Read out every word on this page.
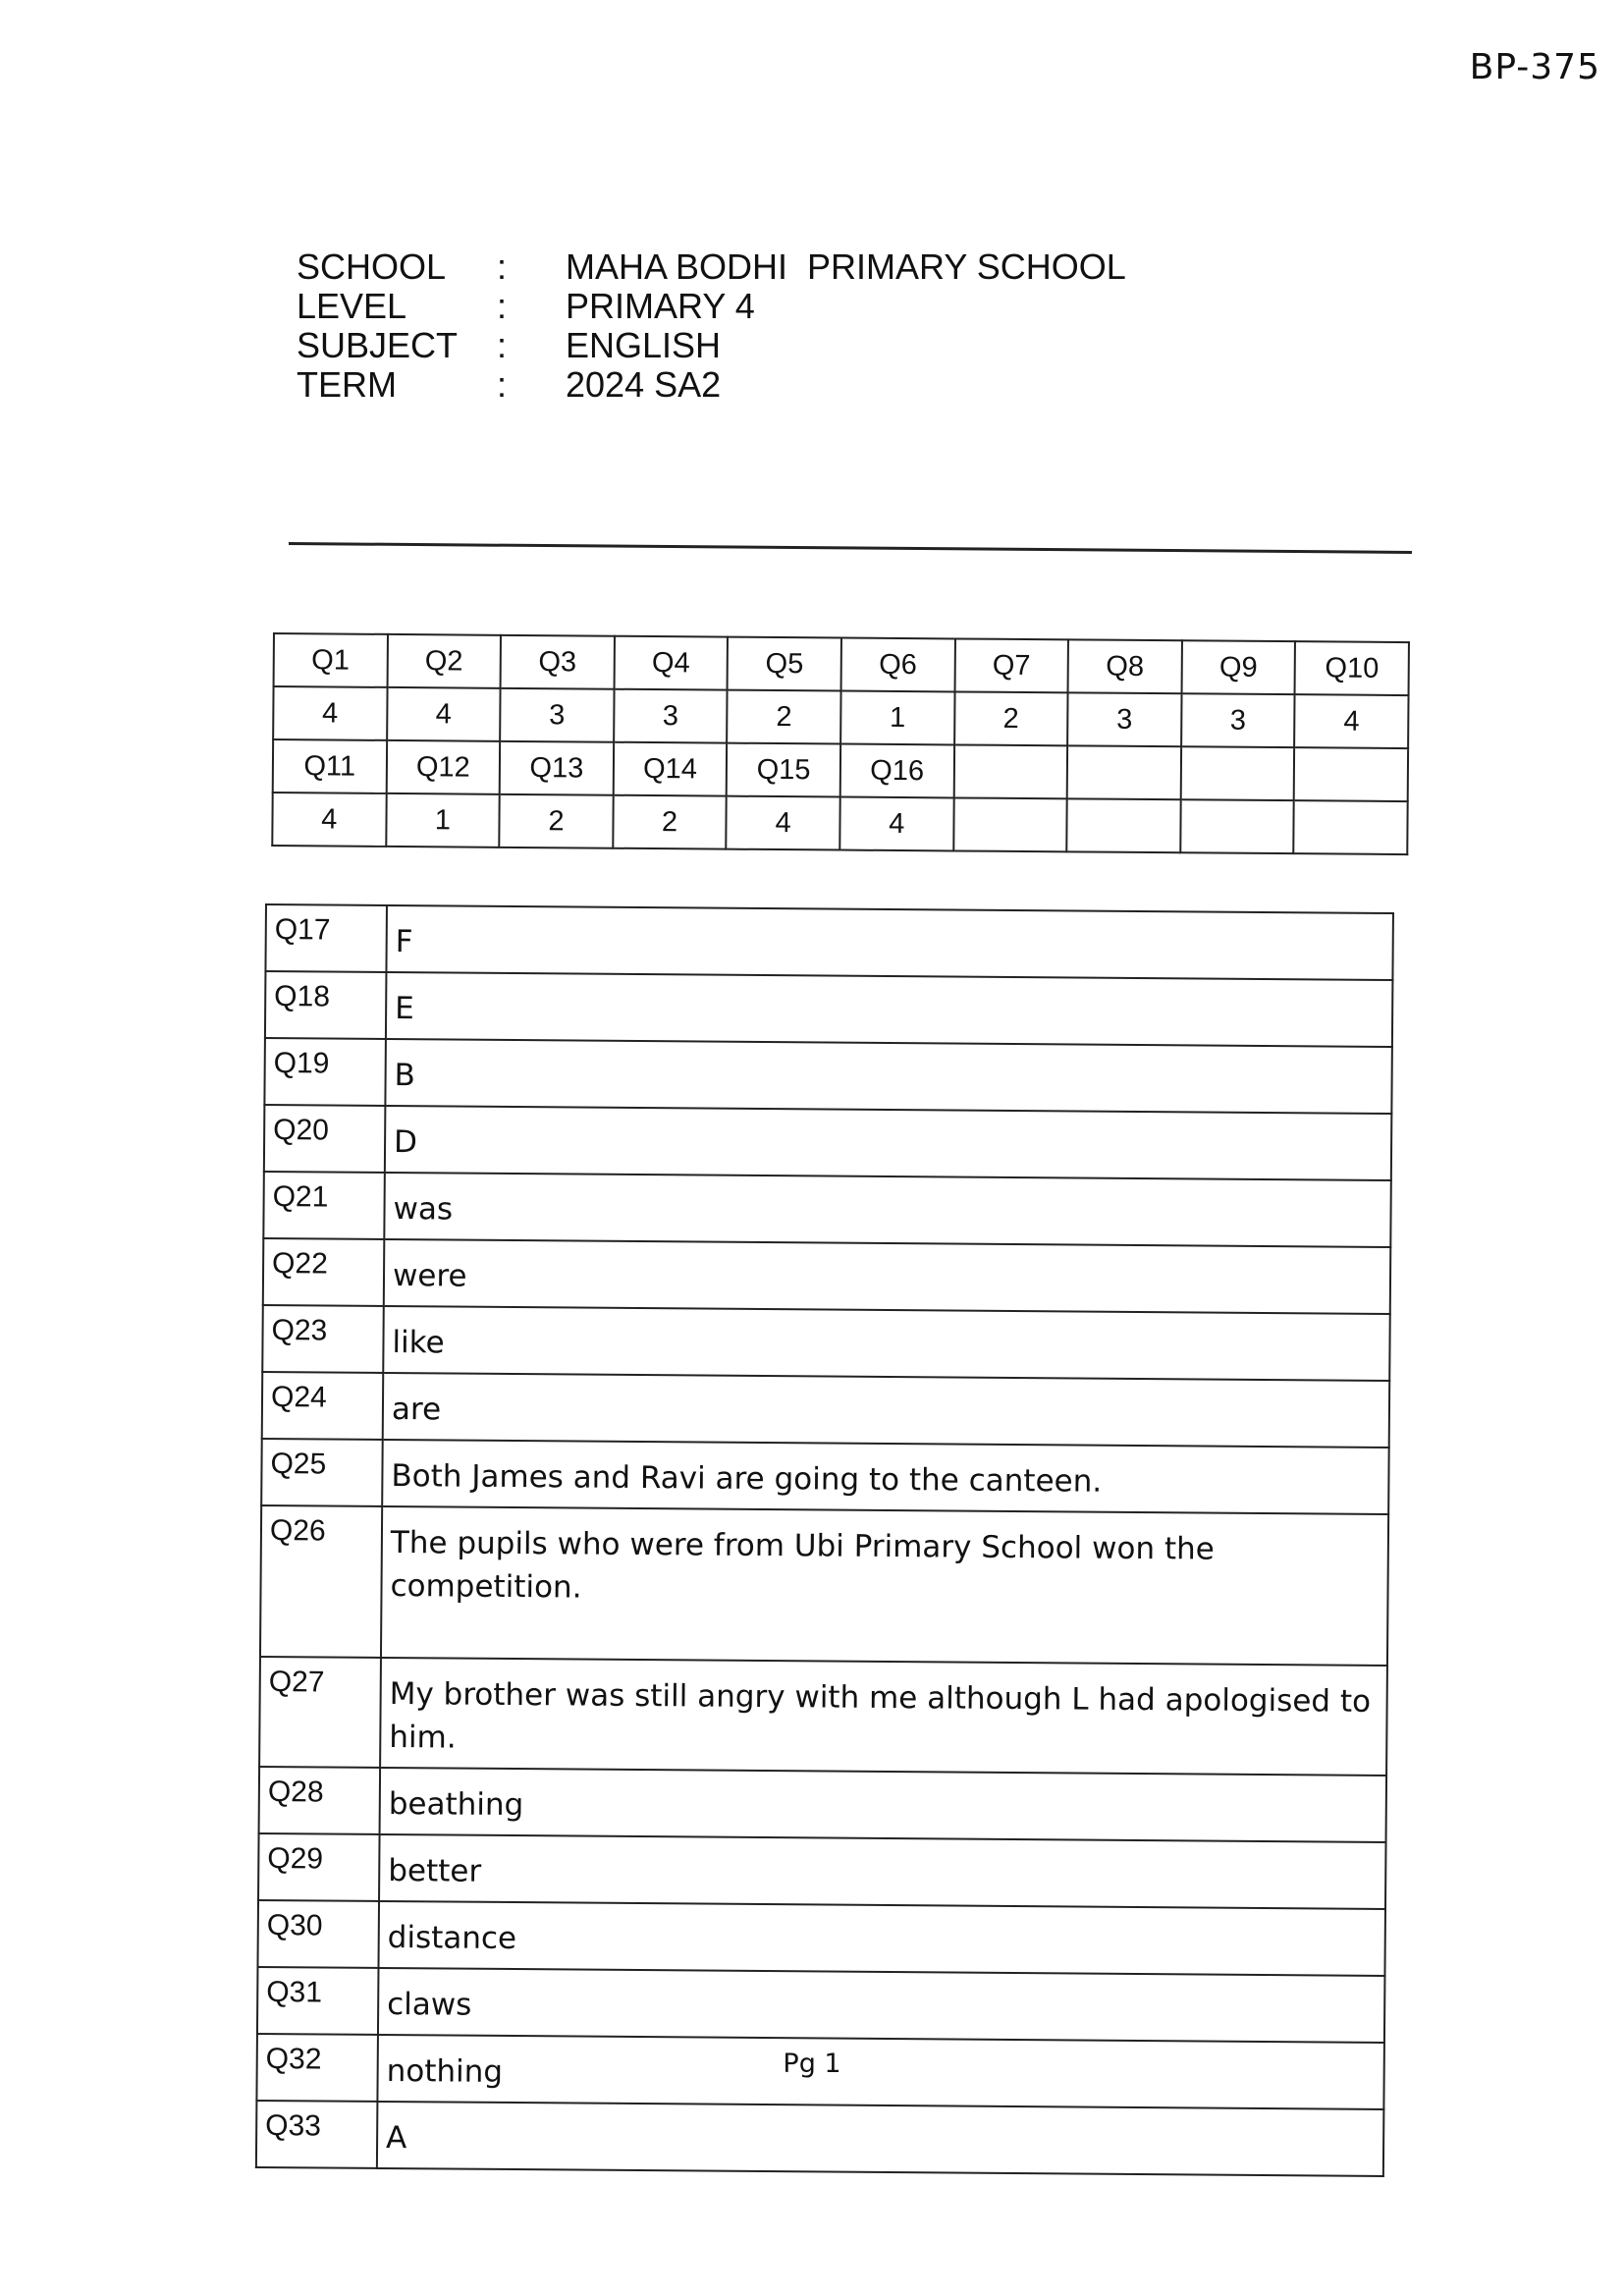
BP-375
SCHOOL	:	MAHA BODHI  PRIMARY SCHOOL
LEVEL	:	PRIMARY 4
SUBJECT	:	ENGLISH
TERM	:	2024 SA2
Q1	Q2	Q3	Q4	Q5	Q6	Q7	Q8	Q9	Q10
4	4	3	3	2	1	2	3	3	4
Q11	Q12	Q13	Q14	Q15	Q16				
4	1	2	2	4	4				
Q17	F
Q18	E
Q19	B
Q20	D
Q21	was
Q22	were
Q23	like
Q24	are
Q25	Both James and Ravi are going to the canteen.
Q26	The pupils who were from Ubi Primary School won the competition.
Q27	My brother was still angry with me although L had apologised to him.
Q28	beathing
Q29	better
Q30	distance
Q31	claws
Q32	nothing
Q33	A
Pg 1
